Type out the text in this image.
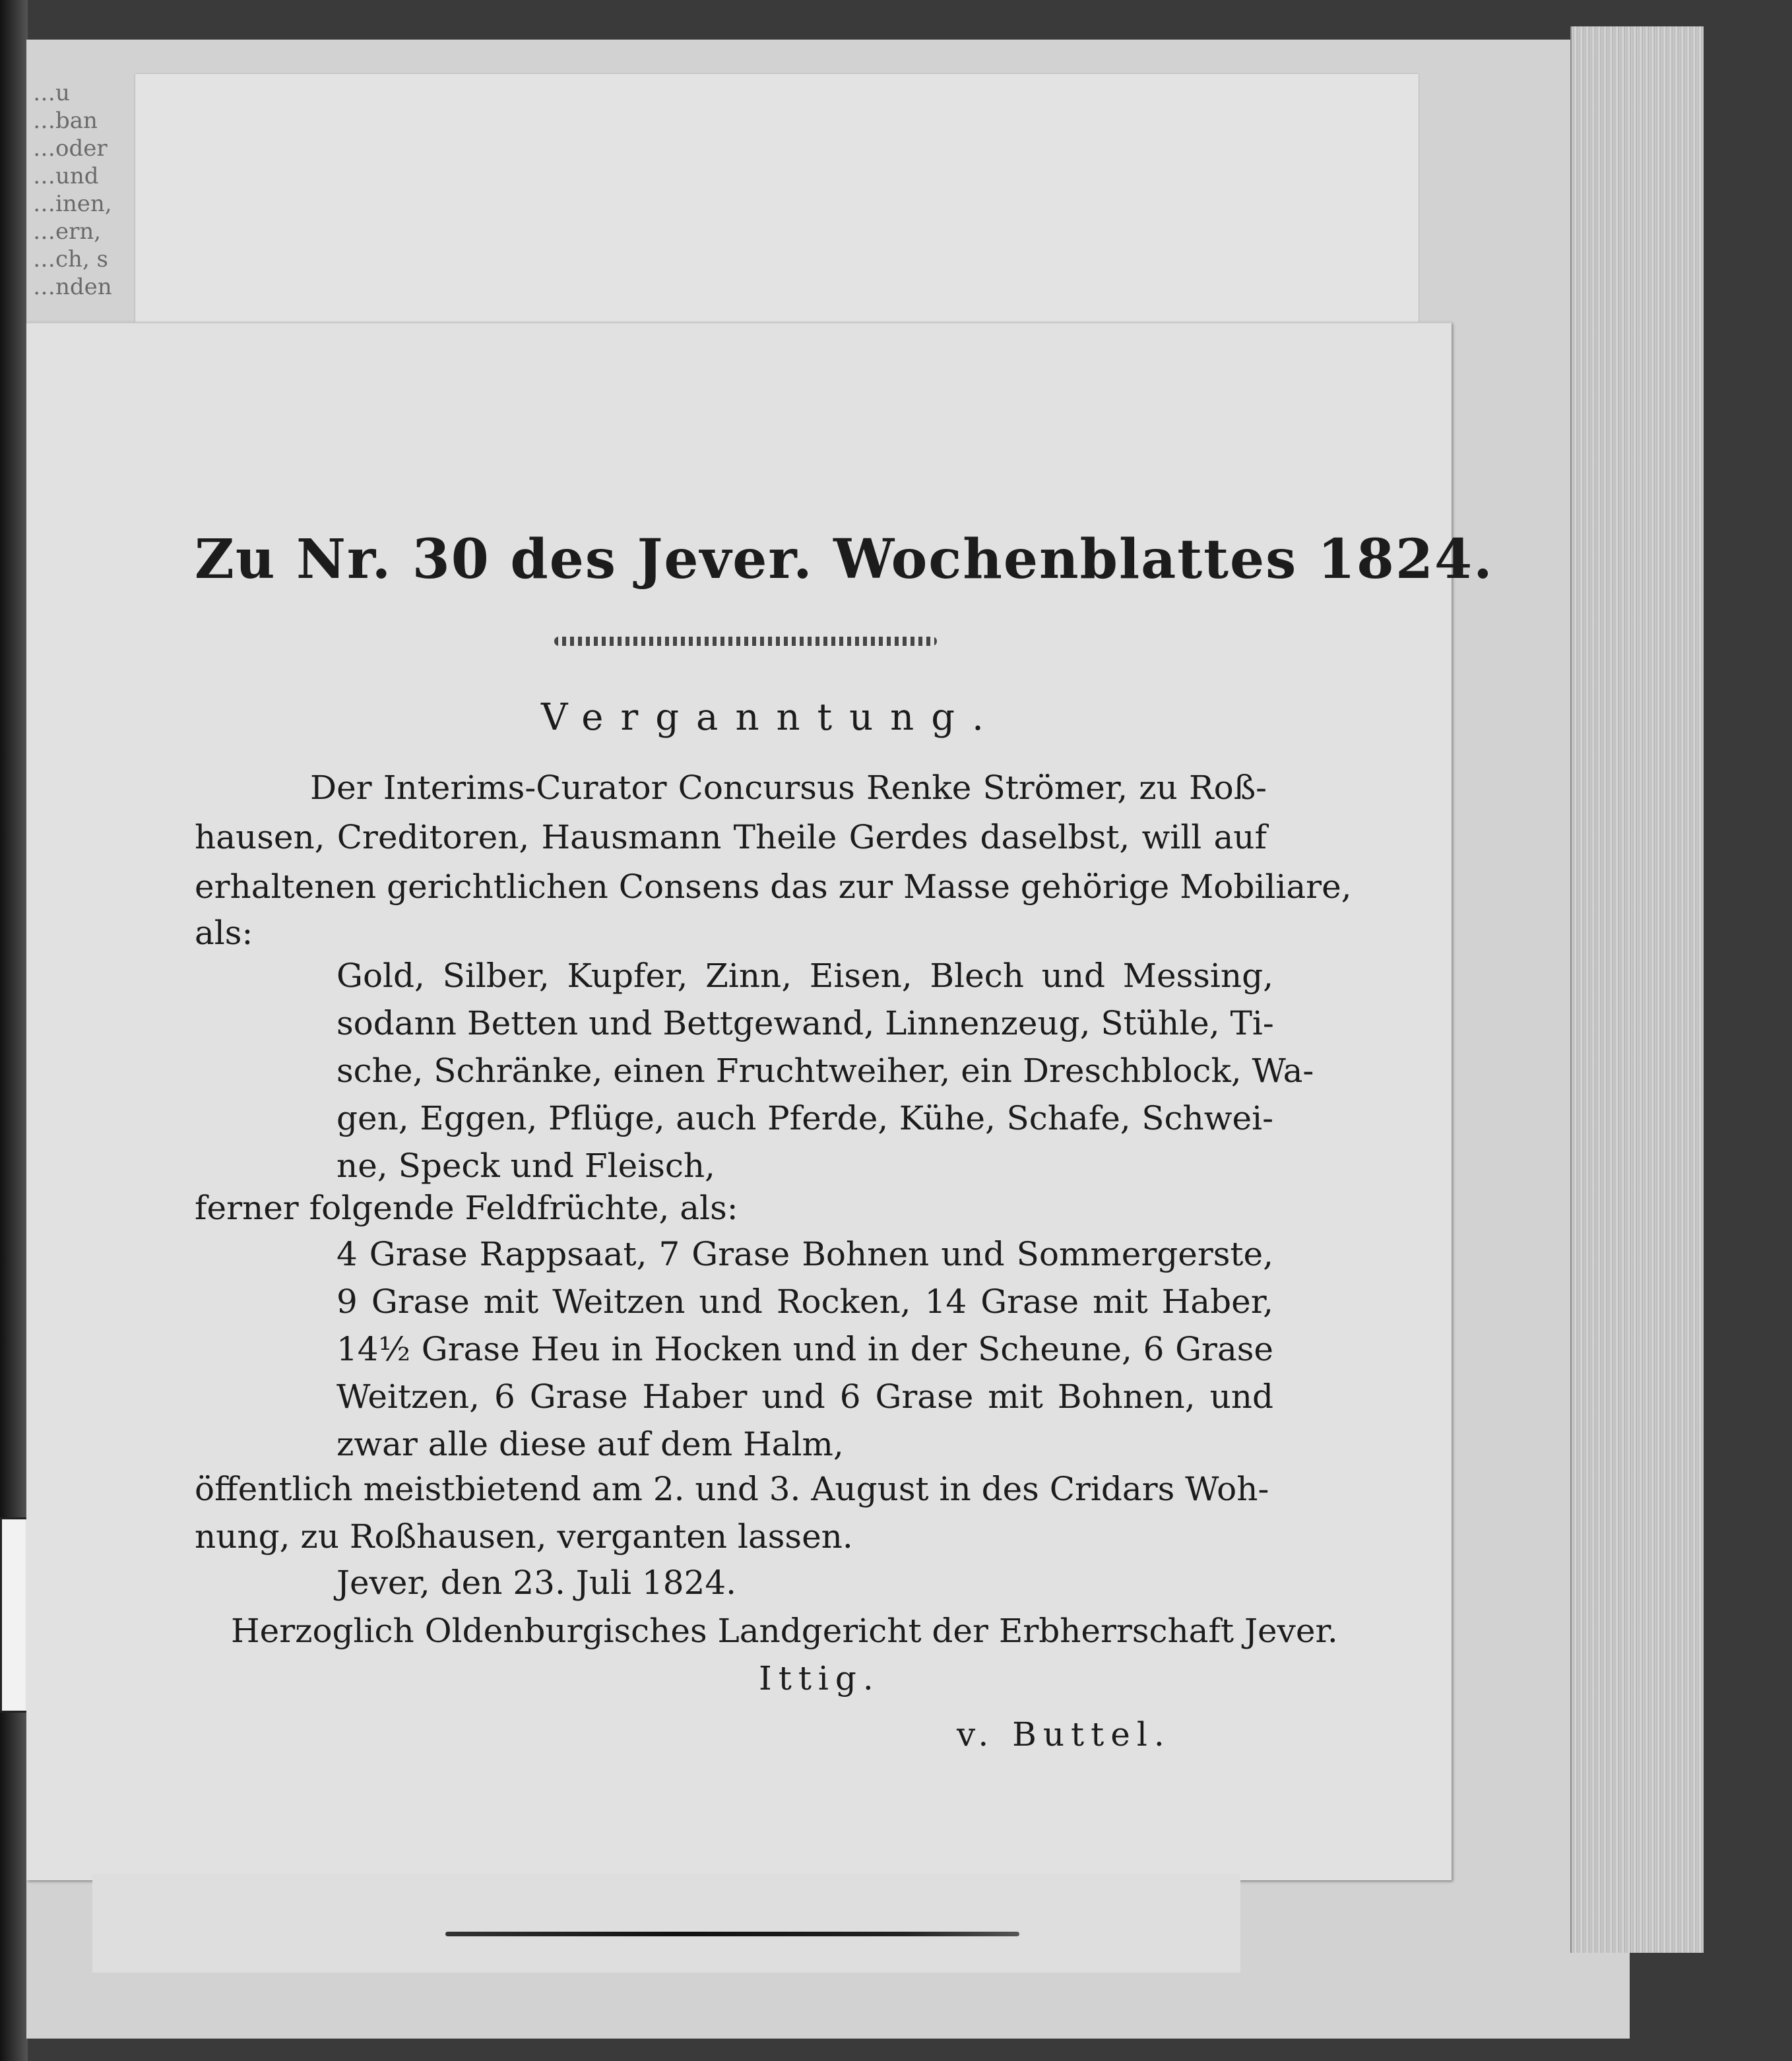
…u
…ban
…oder
…und
…inen,
…ern,
…ch, s
…nden
Zu Nr. 30 des Jever. Wochenblattes 1824.
Verganntung.
Der Interims-Curator Concursus Renke Strömer, zu Roß-
hausen, Creditoren, Hausmann Theile Gerdes daselbst, will auf
erhaltenen gerichtlichen Consens das zur Masse gehörige Mobiliare,
als:
Gold, Silber, Kupfer, Zinn, Eisen, Blech und Messing,
sodann Betten und Bettgewand, Linnenzeug, Stühle, Ti-
sche, Schränke, einen Fruchtweiher, ein Dreschblock, Wa-
gen, Eggen, Pflüge, auch Pferde, Kühe, Schafe, Schwei-
ne, Speck und Fleisch,
ferner folgende Feldfrüchte, als:
4 Grase Rappsaat, 7 Grase Bohnen und Sommergerste,
9 Grase mit Weitzen und Rocken, 14 Grase mit Haber,
14½ Grase Heu in Hocken und in der Scheune, 6 Grase
Weitzen, 6 Grase Haber und 6 Grase mit Bohnen, und
zwar alle diese auf dem Halm,
öffentlich meistbietend am 2. und 3. August in des Cridars Woh-
nung, zu Roßhausen, verganten lassen.
Jever, den 23. Juli 1824.
Herzoglich Oldenburgisches Landgericht der Erbherrschaft Jever.
Ittig.
v. Buttel.
